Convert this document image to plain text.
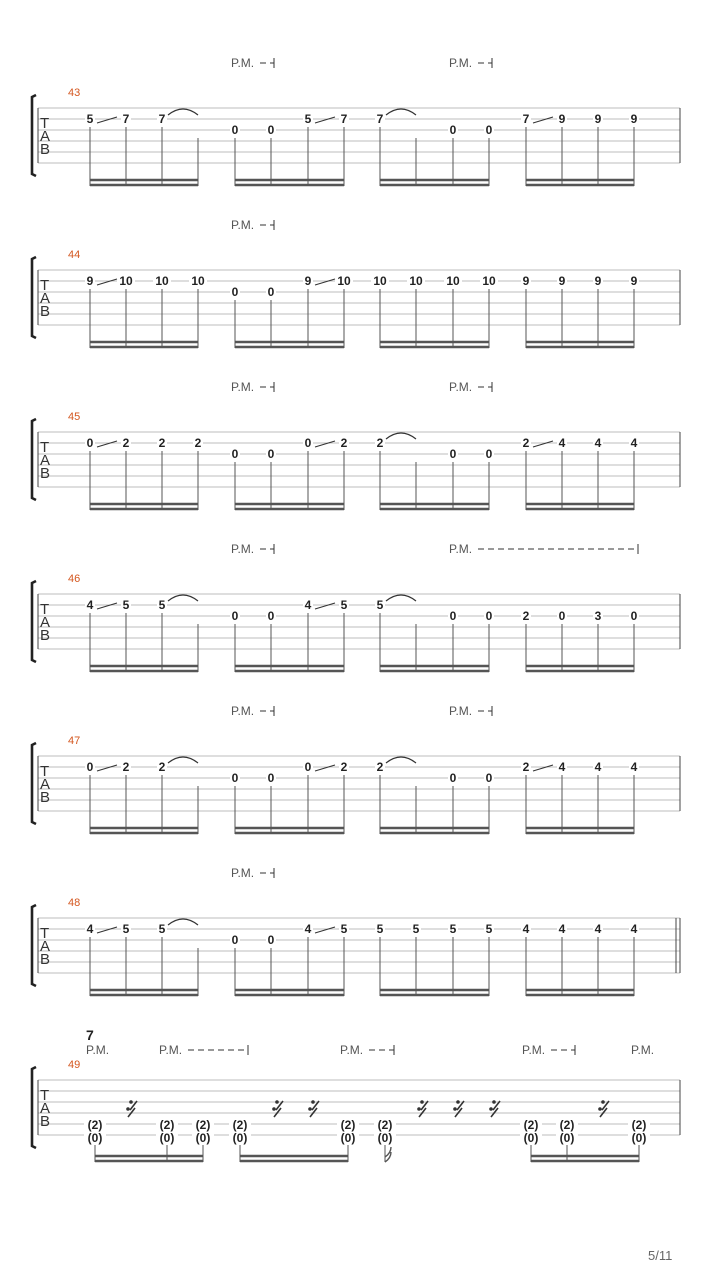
T
A
B
43
P.M.	P.M.
5 7 7
0 0
5 7 7
0 0
7 9 9 9
T
A
B
44
P.M.
9 10 10 10
0 0
9 10 10 10 10 10 9 9 9 9
T
A
B
45
P.M.	P.M.
0 2 2 2
0 0
0 2 2
0 0
2 4 4 4
T
A
B
46
P.M.	P.M.
4 5 5
0 0
4 5 5
0 0	2 0 3 0
T
A
B
47
P.M.	P.M.
0 2 2
0 0
0 2 2
0 0
2 4 4 4
T
A
B
48
P.M.
4 5 5
0 0
4 5 5 5	5 5	4 4 4 4
T
A
B
49
P.M.	P.M.	P.M.	P.M.	P.M.
7
(2)
(0)
(2)
(0)
(2)
(0)
(2)
(0)
(2)
(0)
(2)
(0)
(2)
(0)
(2)
(0)
(2)
(0)
5/11
